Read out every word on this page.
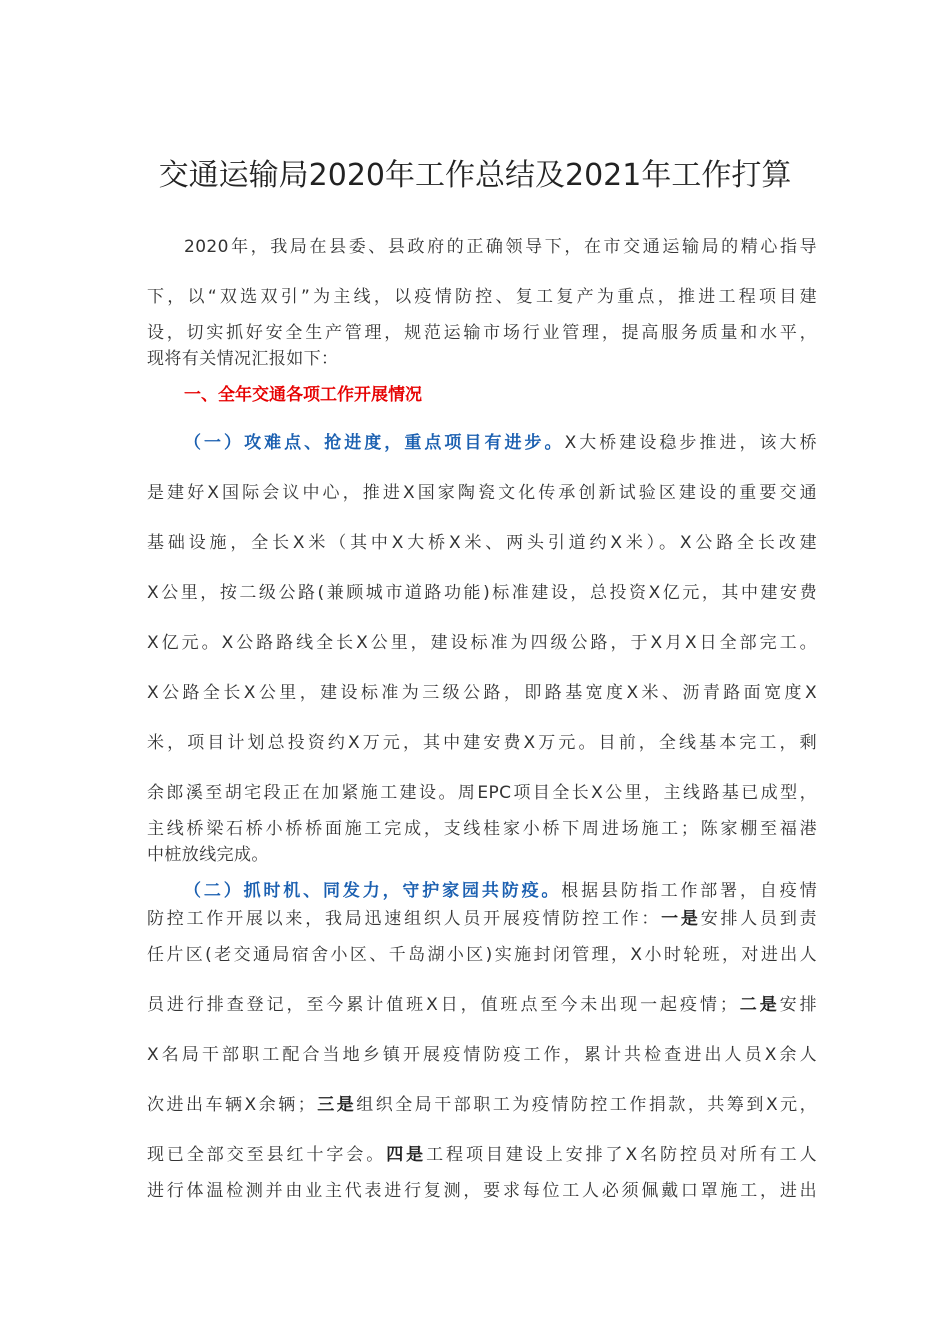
交通运输局2020年工作总结及2021年工作打算
2020年，我局在县委、县政府的正确领导下，在市交通运输局的精心指导
下，以“双选双引”为主线，以疫情防控、复工复产为重点，推进工程项目建
设，切实抓好安全生产管理，规范运输市场行业管理，提高服务质量和水平，
现将有关情况汇报如下：
一、全年交通各项工作开展情况
（一）攻难点、抢进度，重点项目有进步。X大桥建设稳步推进，该大桥
是建好X国际会议中心，推进X国家陶瓷文化传承创新试验区建设的重要交通
基础设施，全长X米（其中X大桥X米、两头引道约X米）。X公路全长改建
X公里，按二级公路(兼顾城市道路功能)标准建设，总投资X亿元，其中建安费
X亿元。X公路路线全长X公里，建设标准为四级公路，于X月X日全部完工。
X公路全长X公里，建设标准为三级公路，即路基宽度X米、沥青路面宽度X
米，项目计划总投资约X万元，其中建安费X万元。目前，全线基本完工，剩
余郎溪至胡宅段正在加紧施工建设。周EPC项目全长X公里，主线路基已成型，
主线桥梁石桥小桥桥面施工完成，支线桂家小桥下周进场施工；陈家棚至福港
中桩放线完成。
（二）抓时机、同发力，守护家园共防疫。根据县防指工作部署，自疫情
防控工作开展以来，我局迅速组织人员开展疫情防控工作：一是安排人员到责
任片区(老交通局宿舍小区、千岛湖小区)实施封闭管理，X小时轮班，对进出人
员进行排查登记，至今累计值班X日，值班点至今未出现一起疫情；二是安排
X名局干部职工配合当地乡镇开展疫情防疫工作，累计共检查进出人员X余人
次进出车辆X余辆；三是组织全局干部职工为疫情防控工作捐款，共筹到X元，
现已全部交至县红十字会。四是工程项目建设上安排了X名防控员对所有工人
进行体温检测并由业主代表进行复测，要求每位工人必须佩戴口罩施工，进出
